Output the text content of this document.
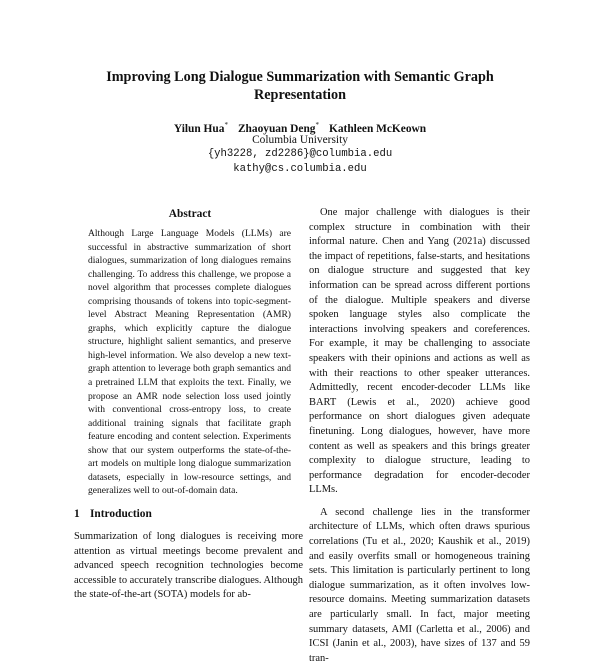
Improving Long Dialogue Summarization with Semantic Graph Representation
Yilun Hua* Zhaoyuan Deng* Kathleen McKeown
Columbia University
{yh3228, zd2286}@columbia.edu
kathy@cs.columbia.edu
Abstract

Although Large Language Models (LLMs) are successful in abstractive summarization of short dialogues, summarization of long dialogues remains challenging. To address this challenge, we propose a novel algorithm that processes complete dialogues comprising thousands of tokens into topic-segment-level Abstract Meaning Representation (AMR) graphs, which explicitly capture the dialogue structure, highlight salient semantics, and preserve high-level information. We also develop a new text-graph attention to leverage both graph semantics and a pretrained LLM that exploits the text. Finally, we propose an AMR node selection loss used jointly with conventional cross-entropy loss, to create additional training signals that facilitate graph feature encoding and content selection. Experiments show that our system outperforms the state-of-the-art models on multiple long dialogue summarization datasets, especially in low-resource settings, and generalizes well to out-of-domain data.

1 Introduction

Summarization of long dialogues is receiving more attention as virtual meetings become prevalent and advanced speech recognition technologies become accessible to accurately transcribe dialogues. Although the state-of-the-art (SOTA) models for ab-

One major challenge with dialogues is their complex structure in combination with their informal nature. Chen and Yang (2021a) discussed the impact of repetitions, false-starts, and hesitations on dialogue structure and suggested that key information can be spread across different portions of the dialogue. Multiple speakers and diverse spoken language styles also complicate the interactions involving speakers and coreferences. For example, it may be challenging to associate speakers with their opinions and actions as well as with their reactions to other speaker utterances. Admittedly, recent encoder-decoder LLMs like BART (Lewis et al., 2020) achieve good performance on short dialogues given adequate finetuning. Long dialogues, however, have more content as well as speakers and this brings greater complexity to dialogue structure, leading to performance degradation for encoder-decoder LLMs.

A second challenge lies in the transformer architecture of LLMs, which often draws spurious correlations (Tu et al., 2020; Kaushik et al., 2019) and easily overfits small or homogeneous training sets. This limitation is particularly pertinent to long dialogue summarization, as it often involves low-resource domains. Meeting summarization datasets are particularly small. In fact, major meeting summary datasets, AMI (Carletta et al., 2006) and ICSI (Janin et al., 2003), have sizes of 137 and 59 tran-
